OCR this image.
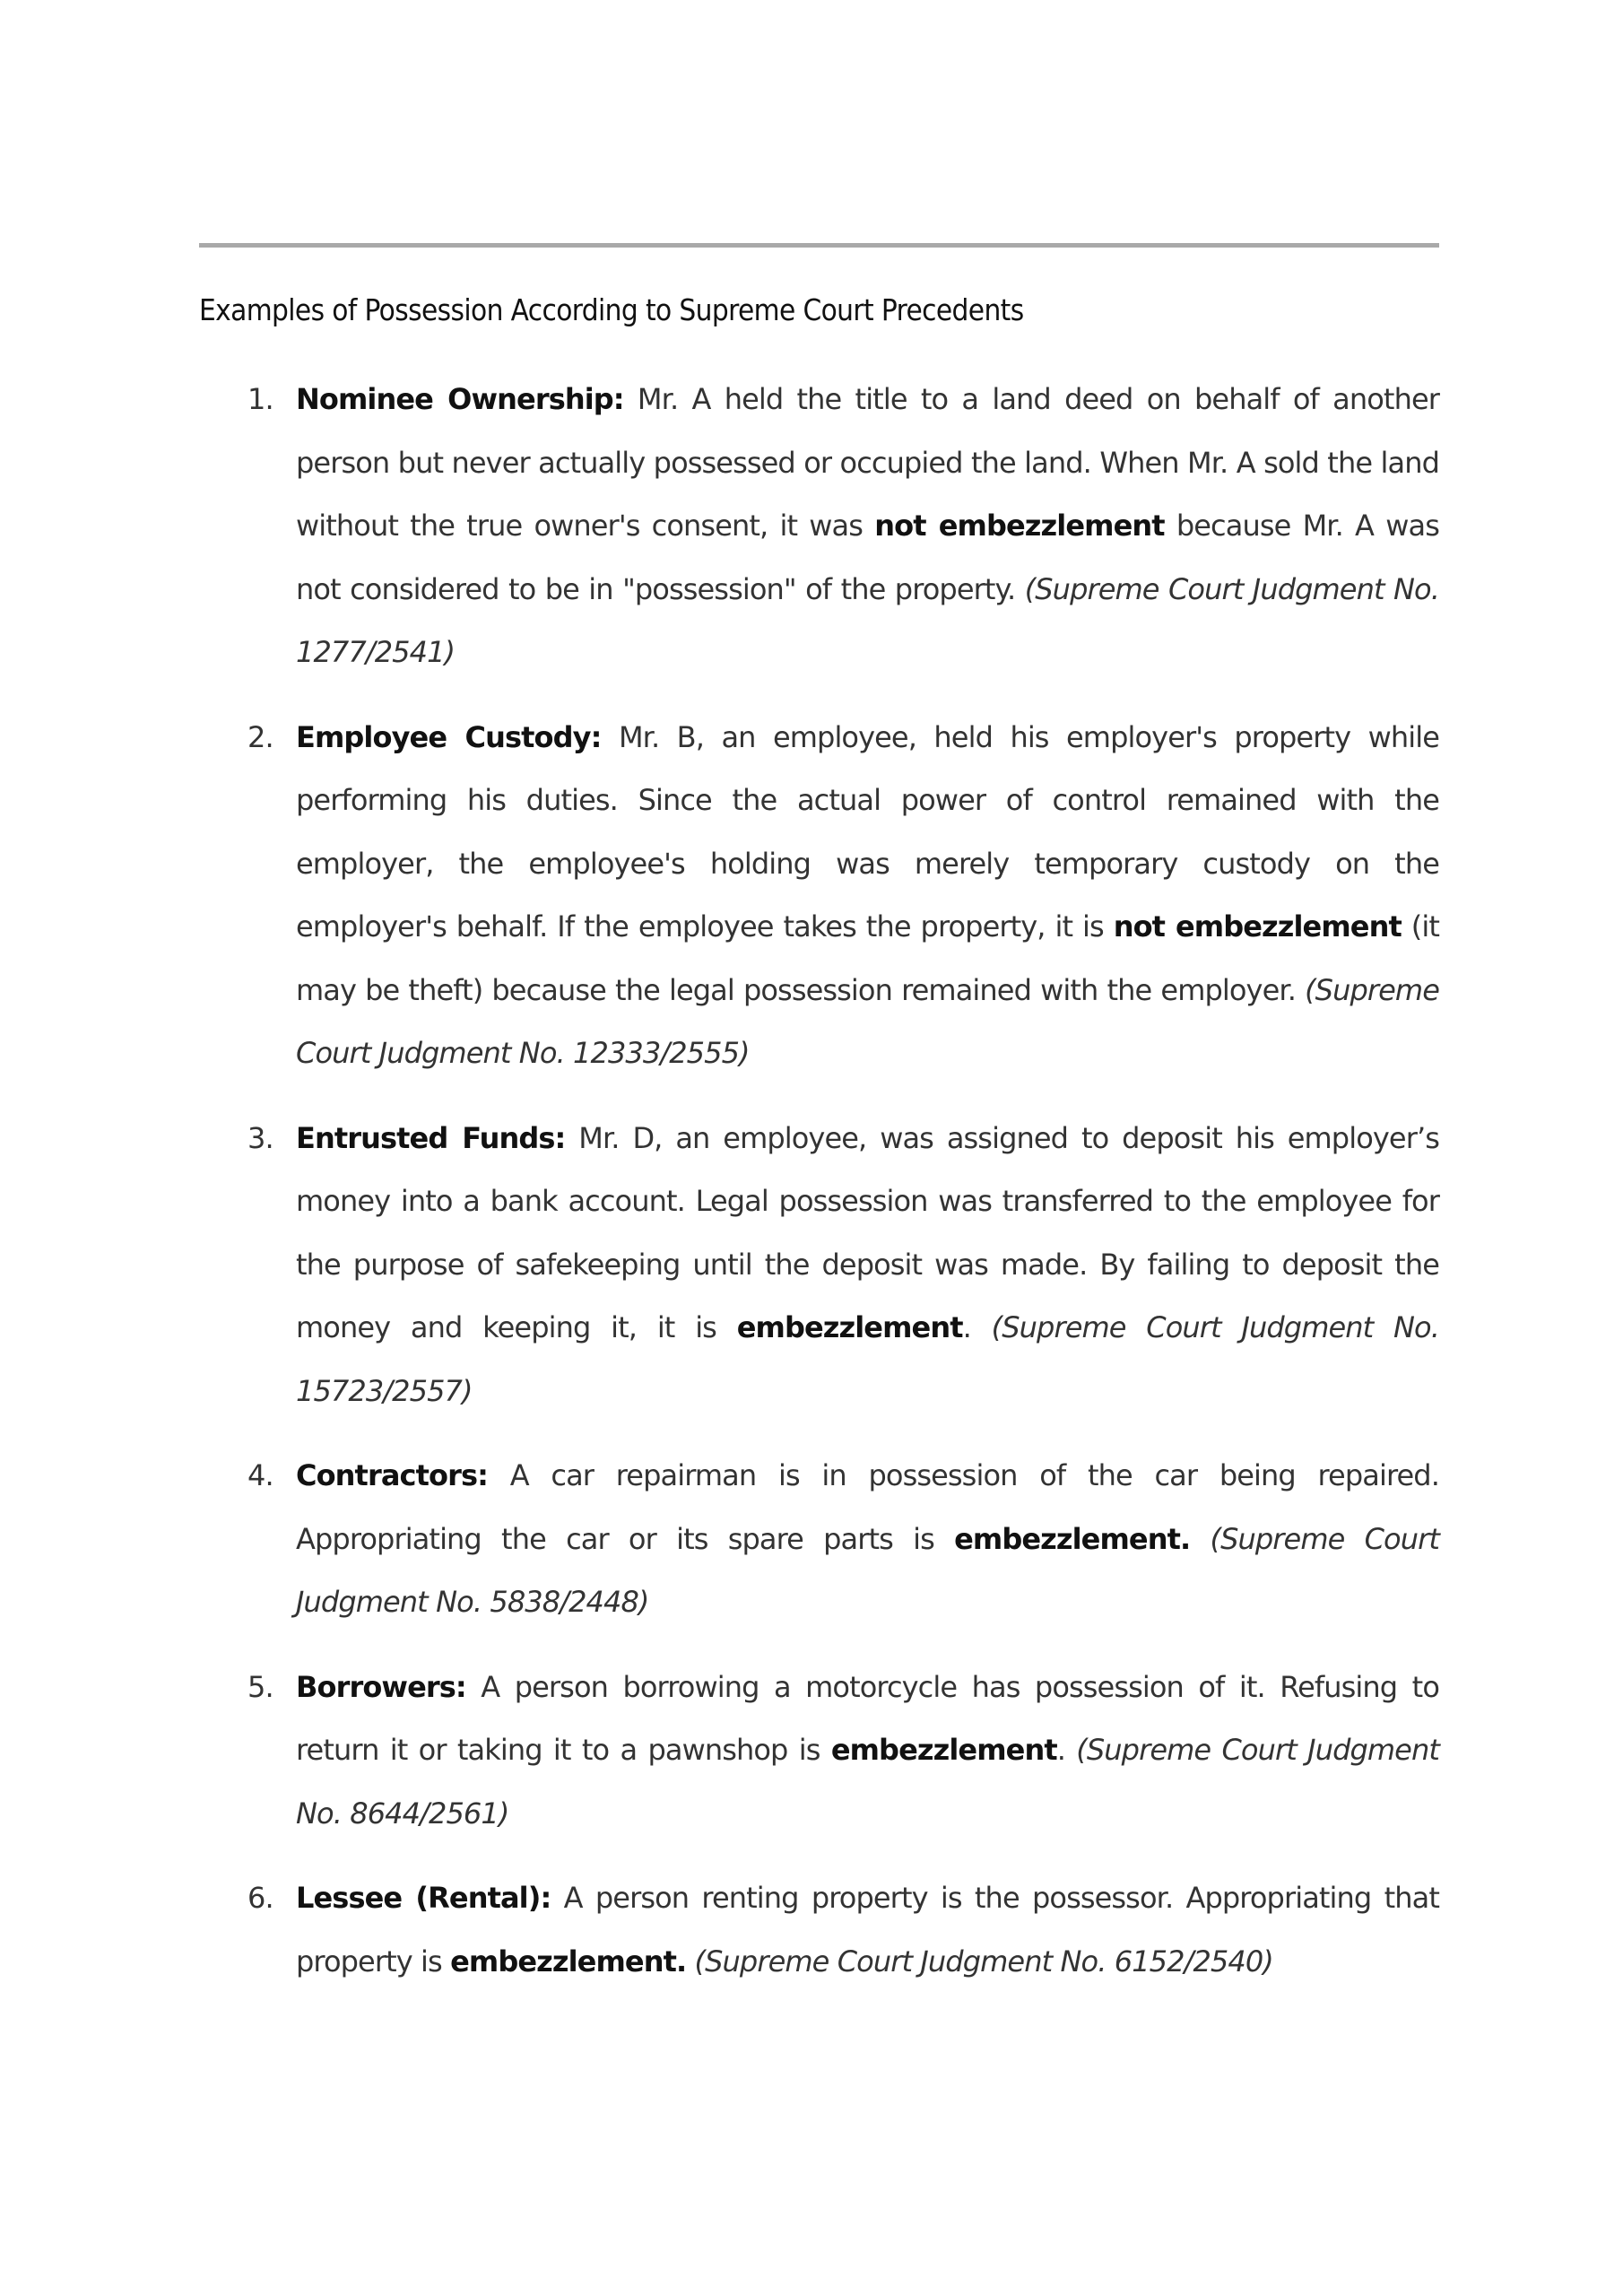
Examples of Possession According to Supreme Court Precedents
1. Nominee Ownership: Mr. A held the title to a land deed on behalf of another person but never actually possessed or occupied the land. When Mr. A sold the land without the true owner's consent, it was not embezzlement because Mr. A was not considered to be in "possession" of the property. (Supreme Court Judgment No. 1277/2541)
2. Employee Custody: Mr. B, an employee, held his employer's property while performing his duties. Since the actual power of control remained with the employer, the employee's holding was merely temporary custody on the employer's behalf. If the employee takes the property, it is not embezzlement (it may be theft) because the legal possession remained with the employer. (Supreme Court Judgment No. 12333/2555)
3. Entrusted Funds: Mr. D, an employee, was assigned to deposit his employer’s money into a bank account. Legal possession was transferred to the employee for the purpose of safekeeping until the deposit was made. By failing to deposit the money and keeping it, it is embezzlement. (Supreme Court Judgment No. 15723/2557)
4. Contractors: A car repairman is in possession of the car being repaired. Appropriating the car or its spare parts is embezzlement. (Supreme Court Judgment No. 5838/2448)
5. Borrowers: A person borrowing a motorcycle has possession of it. Refusing to return it or taking it to a pawnshop is embezzlement. (Supreme Court Judgment No. 8644/2561)
6. Lessee (Rental): A person renting property is the possessor. Appropriating that property is embezzlement. (Supreme Court Judgment No. 6152/2540)
